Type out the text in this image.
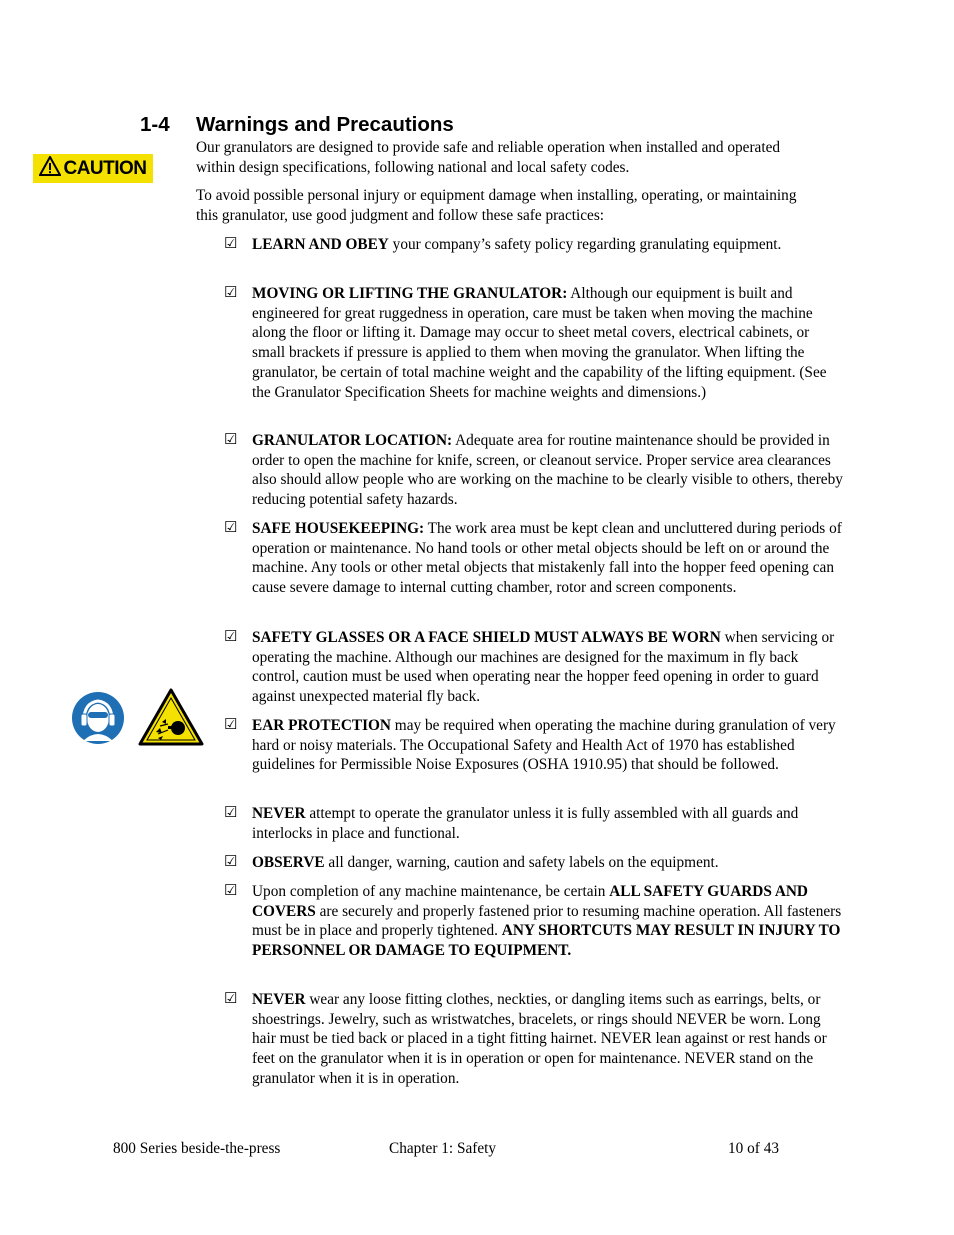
1-4 Warnings and Precautions
CAUTION
Our granulators are designed to provide safe and reliable operation when installed and operated within design specifications, following national and local safety codes.
To avoid possible personal injury or equipment damage when installing, operating, or maintaining this granulator, use good judgment and follow these safe practices:
☑ LEARN AND OBEY your company’s safety policy regarding granulating equipment.
☑ MOVING OR LIFTING THE GRANULATOR: Although our equipment is built and engineered for great ruggedness in operation, care must be taken when moving the machine along the floor or lifting it. Damage may occur to sheet metal covers, electrical cabinets, or small brackets if pressure is applied to them when moving the granulator. When lifting the granulator, be certain of total machine weight and the capability of the lifting equipment. (See the Granulator Specification Sheets for machine weights and dimensions.)
☑ GRANULATOR LOCATION: Adequate area for routine maintenance should be provided in order to open the machine for knife, screen, or cleanout service. Proper service area clearances also should allow people who are working on the machine to be clearly visible to others, thereby reducing potential safety hazards.
☑ SAFE HOUSEKEEPING: The work area must be kept clean and uncluttered during periods of operation or maintenance. No hand tools or other metal objects should be left on or around the machine. Any tools or other metal objects that mistakenly fall into the hopper feed opening can cause severe damage to internal cutting chamber, rotor and screen components.
☑ SAFETY GLASSES OR A FACE SHIELD MUST ALWAYS BE WORN when servicing or operating the machine. Although our machines are designed for the maximum in fly back control, caution must be used when operating near the hopper feed opening in order to guard against unexpected material fly back.
☑ EAR PROTECTION may be required when operating the machine during granulation of very hard or noisy materials. The Occupational Safety and Health Act of 1970 has established guidelines for Permissible Noise Exposures (OSHA 1910.95) that should be followed.
☑ NEVER attempt to operate the granulator unless it is fully assembled with all guards and interlocks in place and functional.
☑ OBSERVE all danger, warning, caution and safety labels on the equipment.
☑ Upon completion of any machine maintenance, be certain ALL SAFETY GUARDS AND COVERS are securely and properly fastened prior to resuming machine operation. All fasteners must be in place and properly tightened. ANY SHORTCUTS MAY RESULT IN INJURY TO PERSONNEL OR DAMAGE TO EQUIPMENT.
☑ NEVER wear any loose fitting clothes, neckties, or dangling items such as earrings, belts, or shoestrings. Jewelry, such as wristwatches, bracelets, or rings should NEVER be worn. Long hair must be tied back or placed in a tight fitting hairnet. NEVER lean against or rest hands or feet on the granulator when it is in operation or open for maintenance. NEVER stand on the granulator when it is in operation.
800 Series beside-the-press	Chapter 1: Safety	10 of 43
